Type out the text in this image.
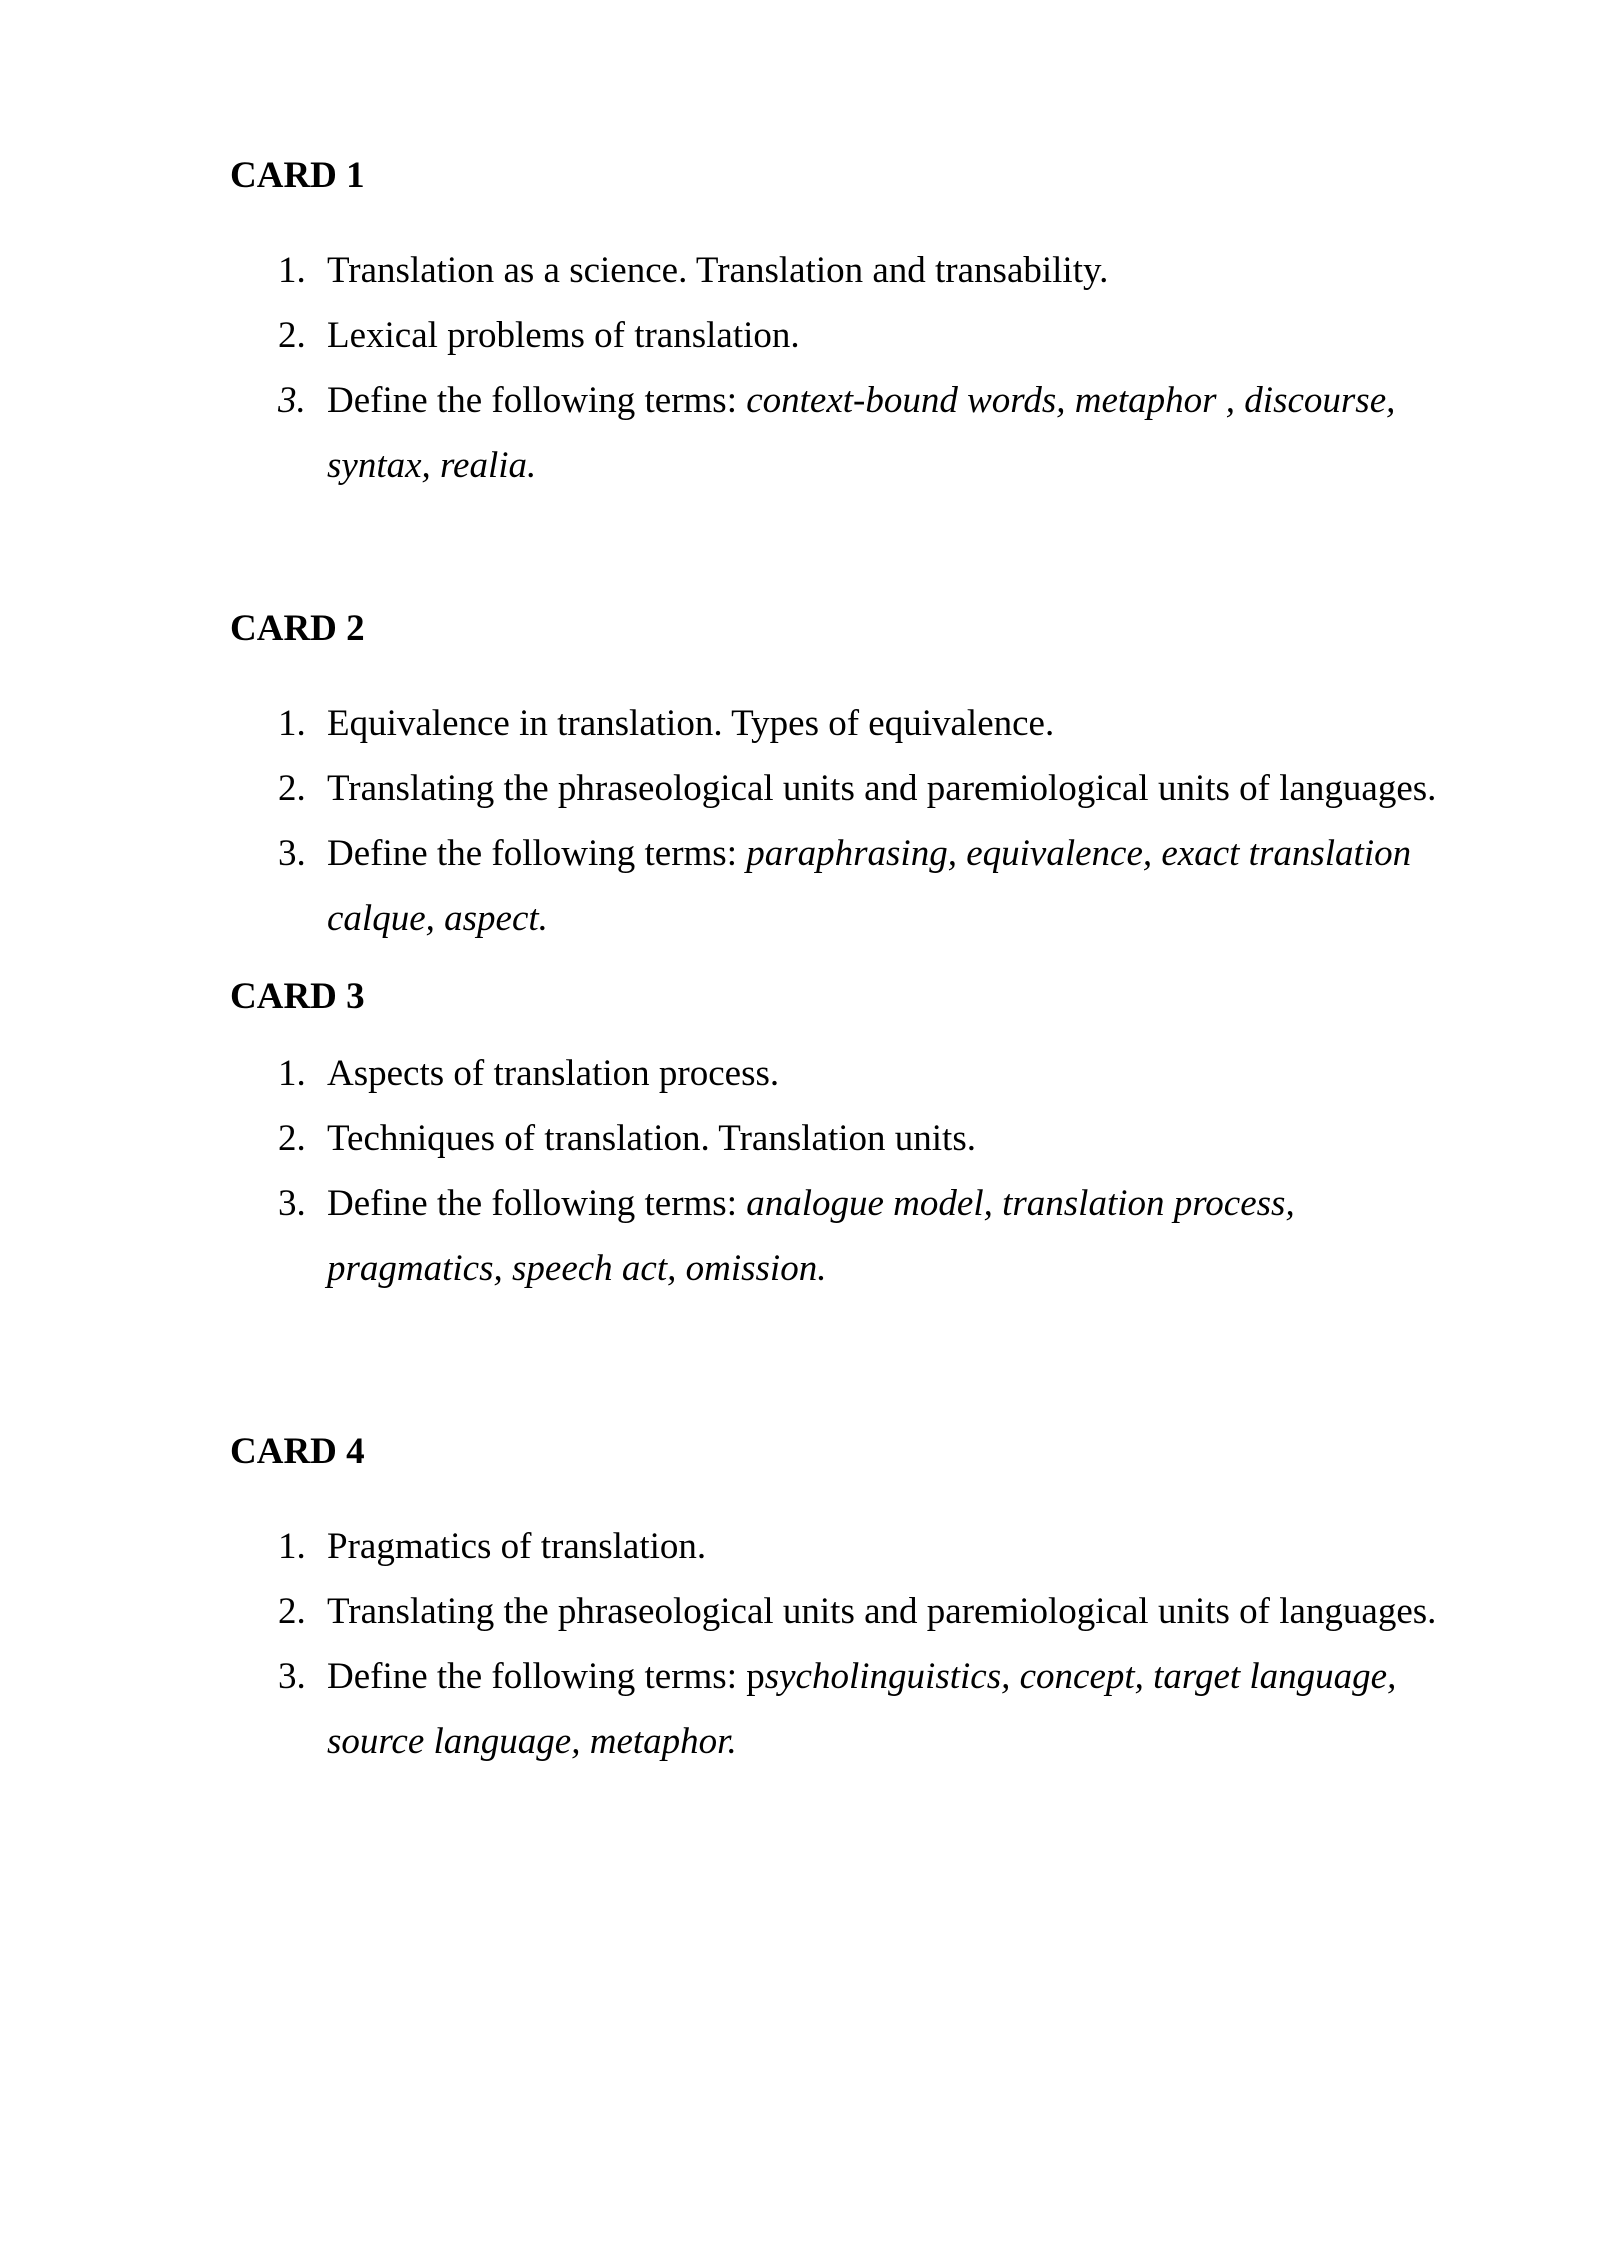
CARD 1
1. Translation as a science. Translation and transability.
2. Lexical problems of translation.
3. Define the following terms: context-bound words, metaphor , discourse,
syntax, realia.
CARD 2
1. Equivalence in translation. Types of equivalence.
2. Translating the phraseological units and paremiological units of languages.
3. Define the following terms: paraphrasing, equivalence, exact translation
calque, aspect.
CARD 3
1. Aspects of translation process.
2. Techniques of translation. Translation units.
3. Define the following terms: analogue model, translation process,
pragmatics, speech act, omission.
CARD 4
1. Pragmatics of translation.
2. Translating the phraseological units and paremiological units of languages.
3. Define the following terms: psycholinguistics, concept, target language,
source language, metaphor.
